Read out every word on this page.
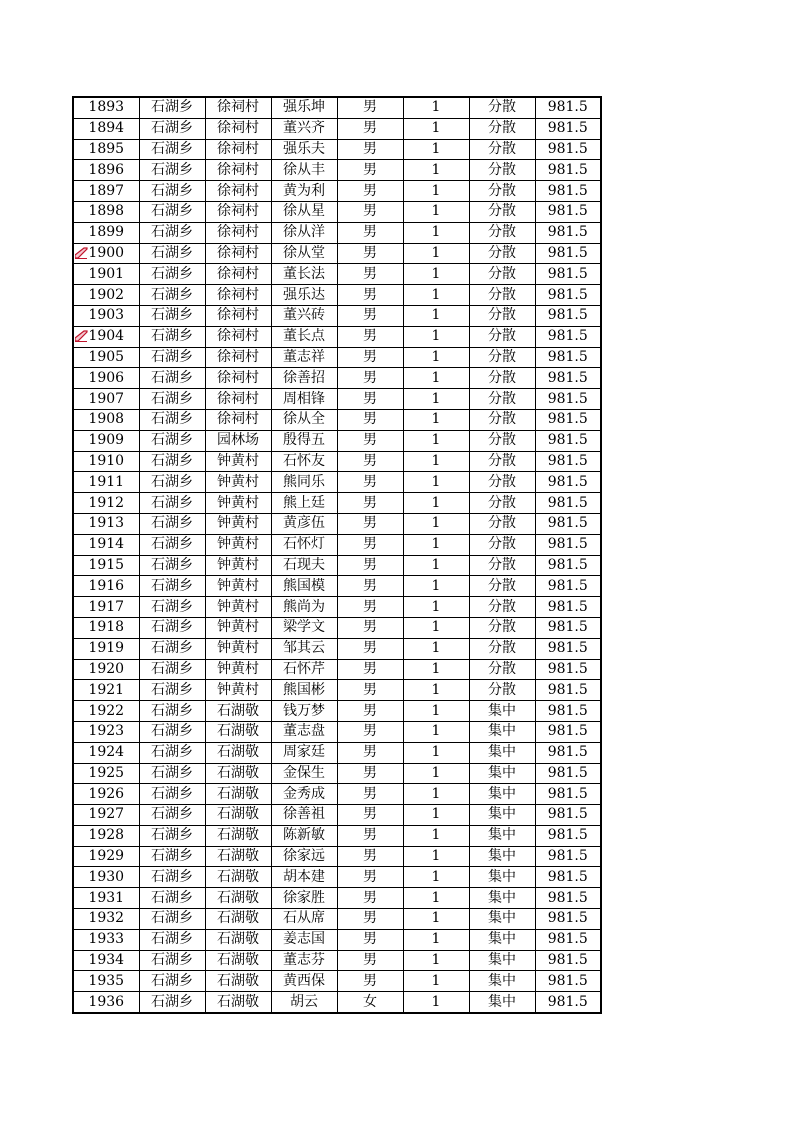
1893	石湖乡	徐祠村	强乐坤	男	1	分散	981.5
1894	石湖乡	徐祠村	董兴齐	男	1	分散	981.5
1895	石湖乡	徐祠村	强乐夫	男	1	分散	981.5
1896	石湖乡	徐祠村	徐从丰	男	1	分散	981.5
1897	石湖乡	徐祠村	黄为利	男	1	分散	981.5
1898	石湖乡	徐祠村	徐从星	男	1	分散	981.5
1899	石湖乡	徐祠村	徐从洋	男	1	分散	981.5

1900	石湖乡	徐祠村	徐从堂	男	1	分散	981.5
1901	石湖乡	徐祠村	董长法	男	1	分散	981.5
1902	石湖乡	徐祠村	强乐达	男	1	分散	981.5
1903	石湖乡	徐祠村	董兴砖	男	1	分散	981.5

1904	石湖乡	徐祠村	董长点	男	1	分散	981.5
1905	石湖乡	徐祠村	董志祥	男	1	分散	981.5
1906	石湖乡	徐祠村	徐善招	男	1	分散	981.5
1907	石湖乡	徐祠村	周相锋	男	1	分散	981.5
1908	石湖乡	徐祠村	徐从全	男	1	分散	981.5
1909	石湖乡	园林场	殷得五	男	1	分散	981.5
1910	石湖乡	钟黄村	石怀友	男	1	分散	981.5
1911	石湖乡	钟黄村	熊同乐	男	1	分散	981.5
1912	石湖乡	钟黄村	熊上廷	男	1	分散	981.5
1913	石湖乡	钟黄村	黄彦伍	男	1	分散	981.5
1914	石湖乡	钟黄村	石怀灯	男	1	分散	981.5
1915	石湖乡	钟黄村	石现夫	男	1	分散	981.5
1916	石湖乡	钟黄村	熊国模	男	1	分散	981.5
1917	石湖乡	钟黄村	熊尚为	男	1	分散	981.5
1918	石湖乡	钟黄村	梁学文	男	1	分散	981.5
1919	石湖乡	钟黄村	邹其云	男	1	分散	981.5
1920	石湖乡	钟黄村	石怀芹	男	1	分散	981.5
1921	石湖乡	钟黄村	熊国彬	男	1	分散	981.5
1922	石湖乡	石湖敬	钱万梦	男	1	集中	981.5
1923	石湖乡	石湖敬	董志盘	男	1	集中	981.5
1924	石湖乡	石湖敬	周家廷	男	1	集中	981.5
1925	石湖乡	石湖敬	金保生	男	1	集中	981.5
1926	石湖乡	石湖敬	金秀成	男	1	集中	981.5
1927	石湖乡	石湖敬	徐善祖	男	1	集中	981.5
1928	石湖乡	石湖敬	陈新敏	男	1	集中	981.5
1929	石湖乡	石湖敬	徐家远	男	1	集中	981.5
1930	石湖乡	石湖敬	胡本建	男	1	集中	981.5
1931	石湖乡	石湖敬	徐家胜	男	1	集中	981.5
1932	石湖乡	石湖敬	石从席	男	1	集中	981.5
1933	石湖乡	石湖敬	姜志国	男	1	集中	981.5
1934	石湖乡	石湖敬	董志芬	男	1	集中	981.5
1935	石湖乡	石湖敬	黄西保	男	1	集中	981.5
1936	石湖乡	石湖敬	胡云	女	1	集中	981.5
